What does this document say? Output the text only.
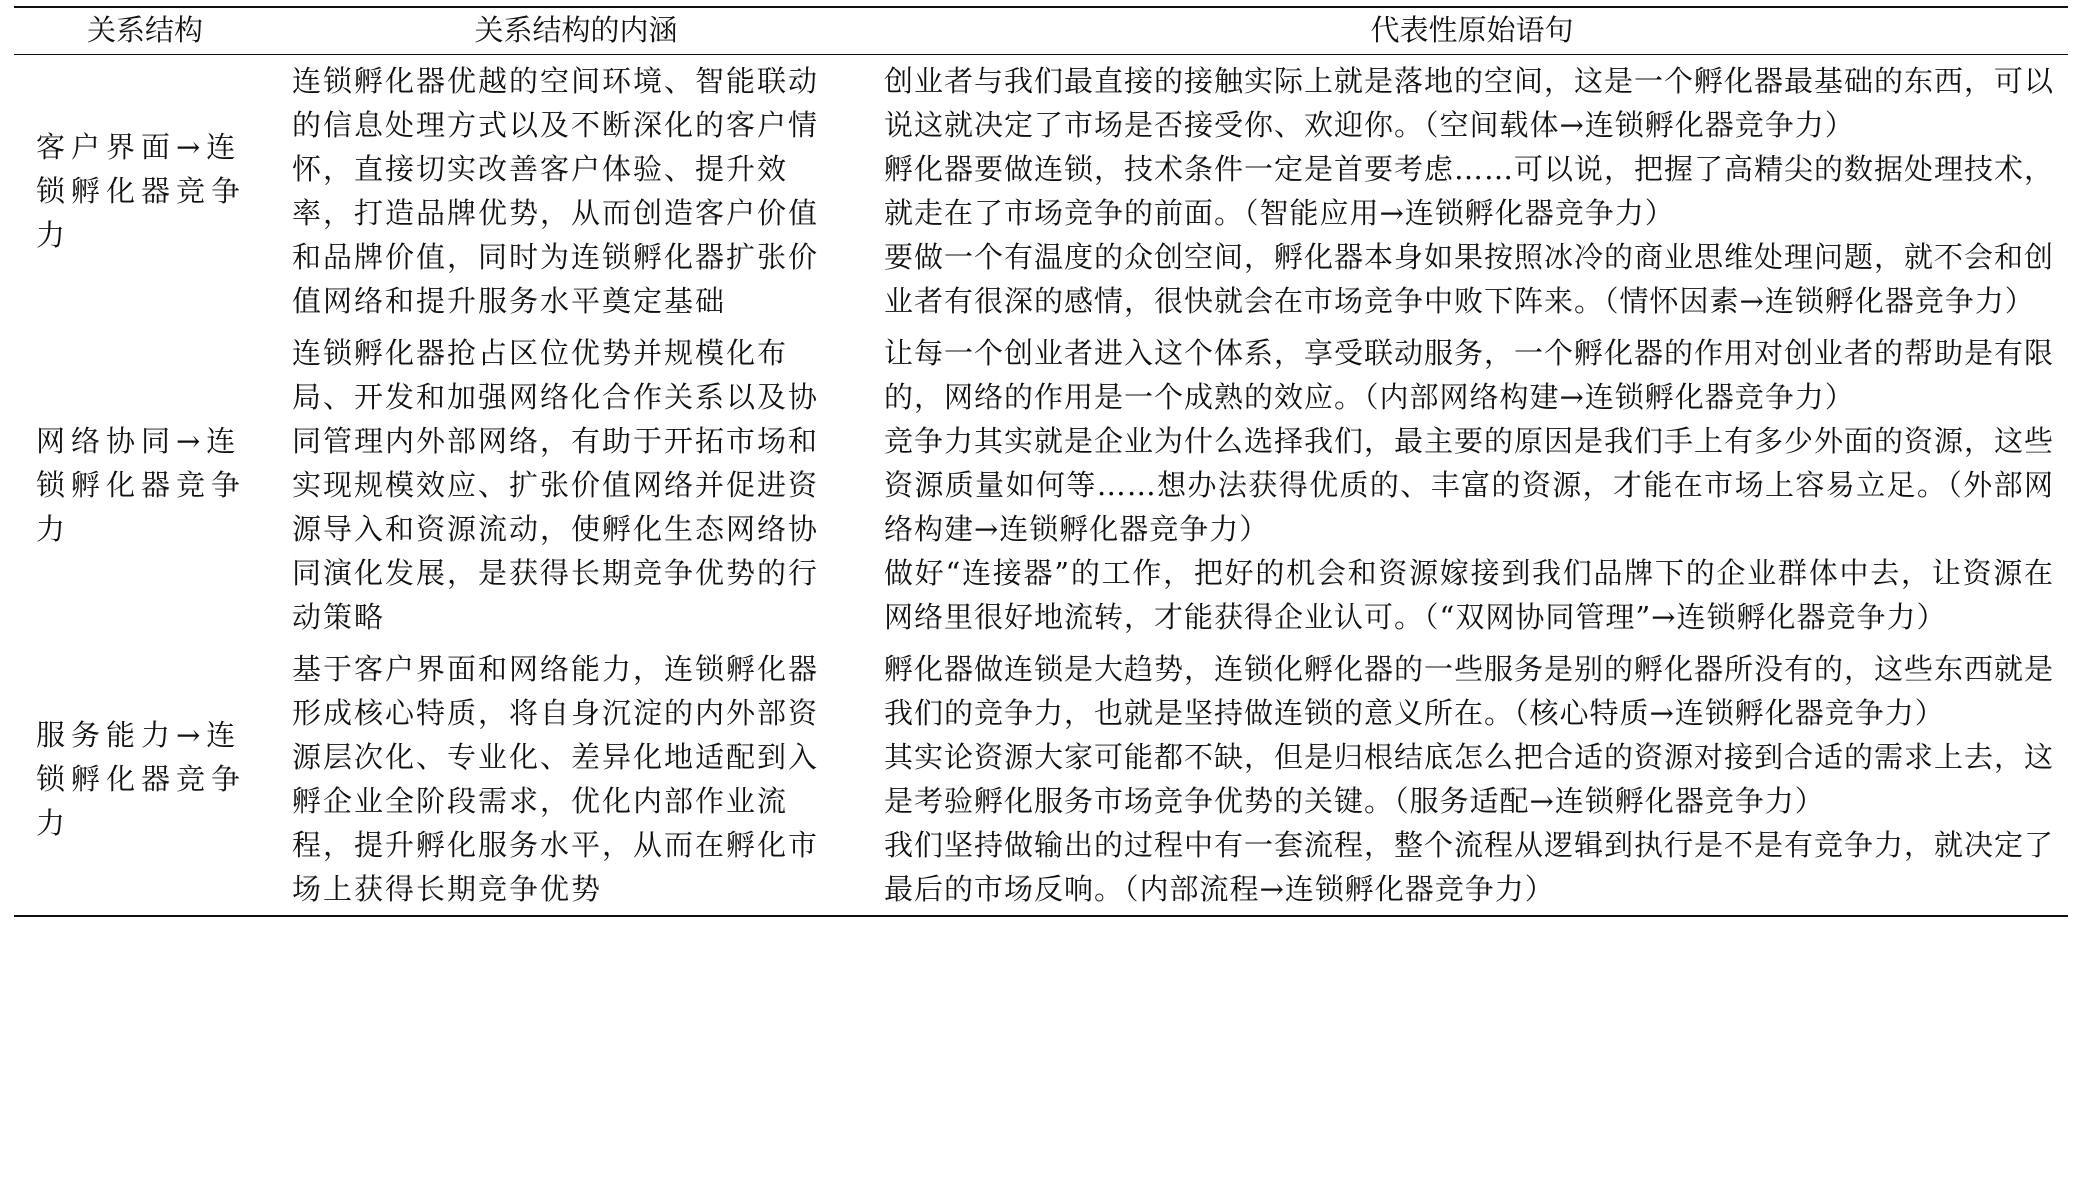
关系结构	关系结构的内涵	代表性原始语句
客户界面→连锁孵化器竞争力	连锁孵化器优越的空间环境、智能联动的信息处理方式以及不断深化的客户情怀，直接切实改善客户体验、提升效率，打造品牌优势，从而创造客户价值和品牌价值，同时为连锁孵化器扩张价值网络和提升服务水平奠定基础	创业者与我们最直接的接触实际上就是落地的空间，这是一个孵化器最基础的东西，可以说这就决定了市场是否接受你、欢迎你。（空间载体→连锁孵化器竞争力）
孵化器要做连锁，技术条件一定是首要考虑……可以说，把握了高精尖的数据处理技术，就走在了市场竞争的前面。（智能应用→连锁孵化器竞争力）
要做一个有温度的众创空间，孵化器本身如果按照冰冷的商业思维处理问题，就不会和创业者有很深的感情，很快就会在市场竞争中败下阵来。（情怀因素→连锁孵化器竞争力）

网络协同→连锁孵化器竞争力	连锁孵化器抢占区位优势并规模化布局、开发和加强网络化合作关系以及协同管理内外部网络，有助于开拓市场和实现规模效应、扩张价值网络并促进资源导入和资源流动，使孵化生态网络协同演化发展，是获得长期竞争优势的行动策略	让每一个创业者进入这个体系，享受联动服务，一个孵化器的作用对创业者的帮助是有限的，网络的作用是一个成熟的效应。（内部网络构建→连锁孵化器竞争力）
竞争力其实就是企业为什么选择我们，最主要的原因是我们手上有多少外面的资源，这些资源质量如何等……想办法获得优质的、丰富的资源，才能在市场上容易立足。（外部网络构建→连锁孵化器竞争力）
做好“连接器”的工作，把好的机会和资源嫁接到我们品牌下的企业群体中去，让资源在网络里很好地流转，才能获得企业认可。（“双网协同管理”→连锁孵化器竞争力）

服务能力→连锁孵化器竞争力	基于客户界面和网络能力，连锁孵化器形成核心特质，将自身沉淀的内外部资源层次化、专业化、差异化地适配到入孵企业全阶段需求，优化内部作业流程，提升孵化服务水平，从而在孵化市场上获得长期竞争优势	孵化器做连锁是大趋势，连锁化孵化器的一些服务是别的孵化器所没有的，这些东西就是我们的竞争力，也就是坚持做连锁的意义所在。（核心特质→连锁孵化器竞争力）
其实论资源大家可能都不缺，但是归根结底怎么把合适的资源对接到合适的需求上去，这是考验孵化服务市场竞争优势的关键。（服务适配→连锁孵化器竞争力）
我们坚持做输出的过程中有一套流程，整个流程从逻辑到执行是不是有竞争力，就决定了最后的市场反响。（内部流程→连锁孵化器竞争力）
